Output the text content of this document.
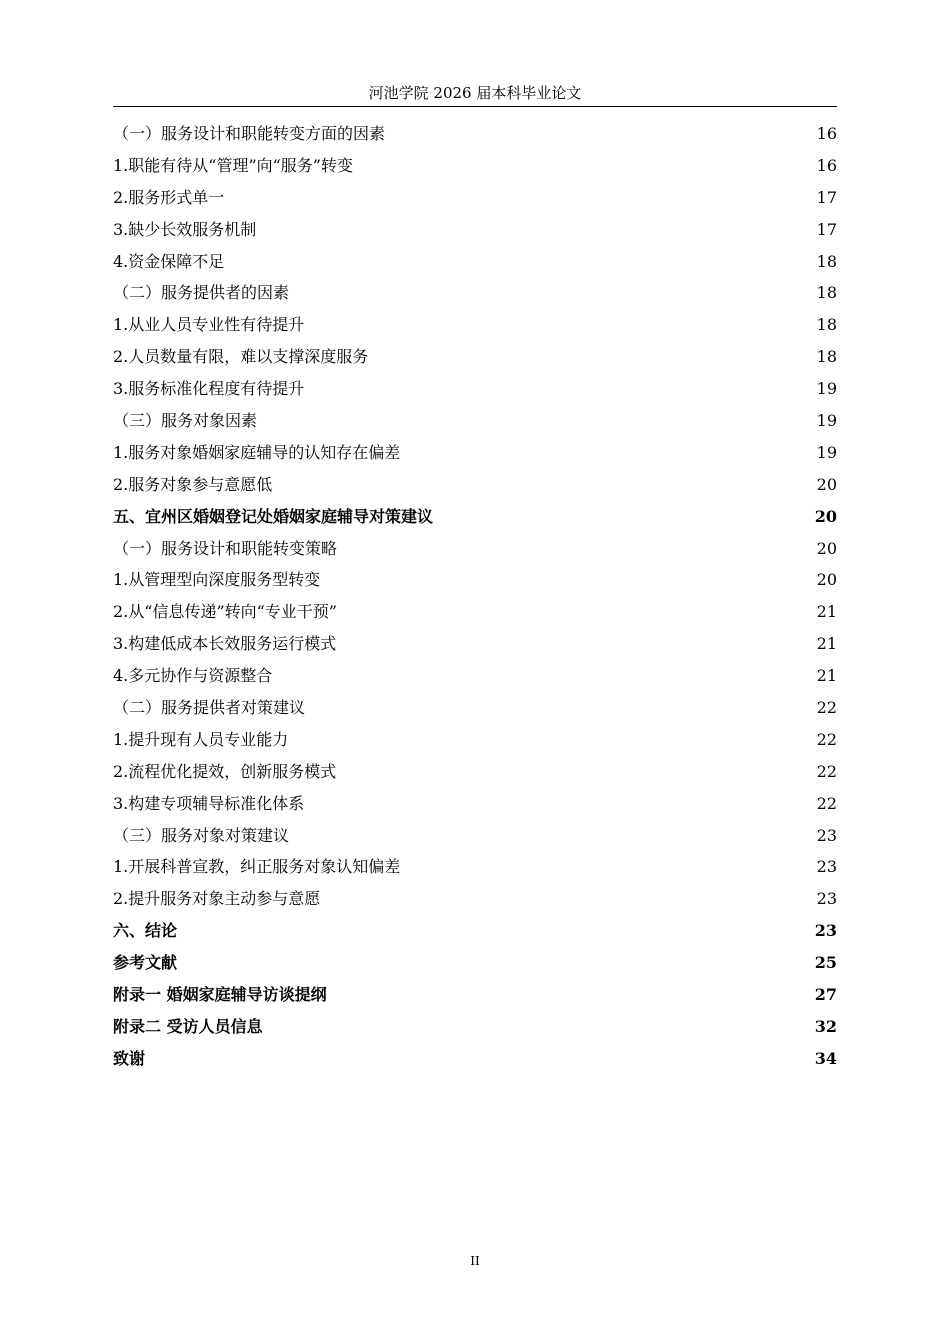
河池学院 2026 届本科毕业论文
（一）服务设计和职能转变方面的因素	16
1.职能有待从“管理”向“服务”转变	16
2.服务形式单一	17
3.缺少长效服务机制	17
4.资金保障不足	18
（二）服务提供者的因素	18
1.从业人员专业性有待提升	18
2.人员数量有限，难以支撑深度服务	18
3.服务标准化程度有待提升	19
（三）服务对象因素	19
1.服务对象婚姻家庭辅导的认知存在偏差	19
2.服务对象参与意愿低	20
五、宜州区婚姻登记处婚姻家庭辅导对策建议	20
（一）服务设计和职能转变策略	20
1.从管理型向深度服务型转变	20
2.从“信息传递”转向“专业干预”	21
3.构建低成本长效服务运行模式	21
4.多元协作与资源整合	21
（二）服务提供者对策建议	22
1.提升现有人员专业能力	22
2.流程优化提效，创新服务模式	22
3.构建专项辅导标准化体系	22
（三）服务对象对策建议	23
1.开展科普宣教，纠正服务对象认知偏差	23
2.提升服务对象主动参与意愿	23
六、结论	23
参考文献	25
附录一 婚姻家庭辅导访谈提纲	27
附录二 受访人员信息	32
致谢	34
II
